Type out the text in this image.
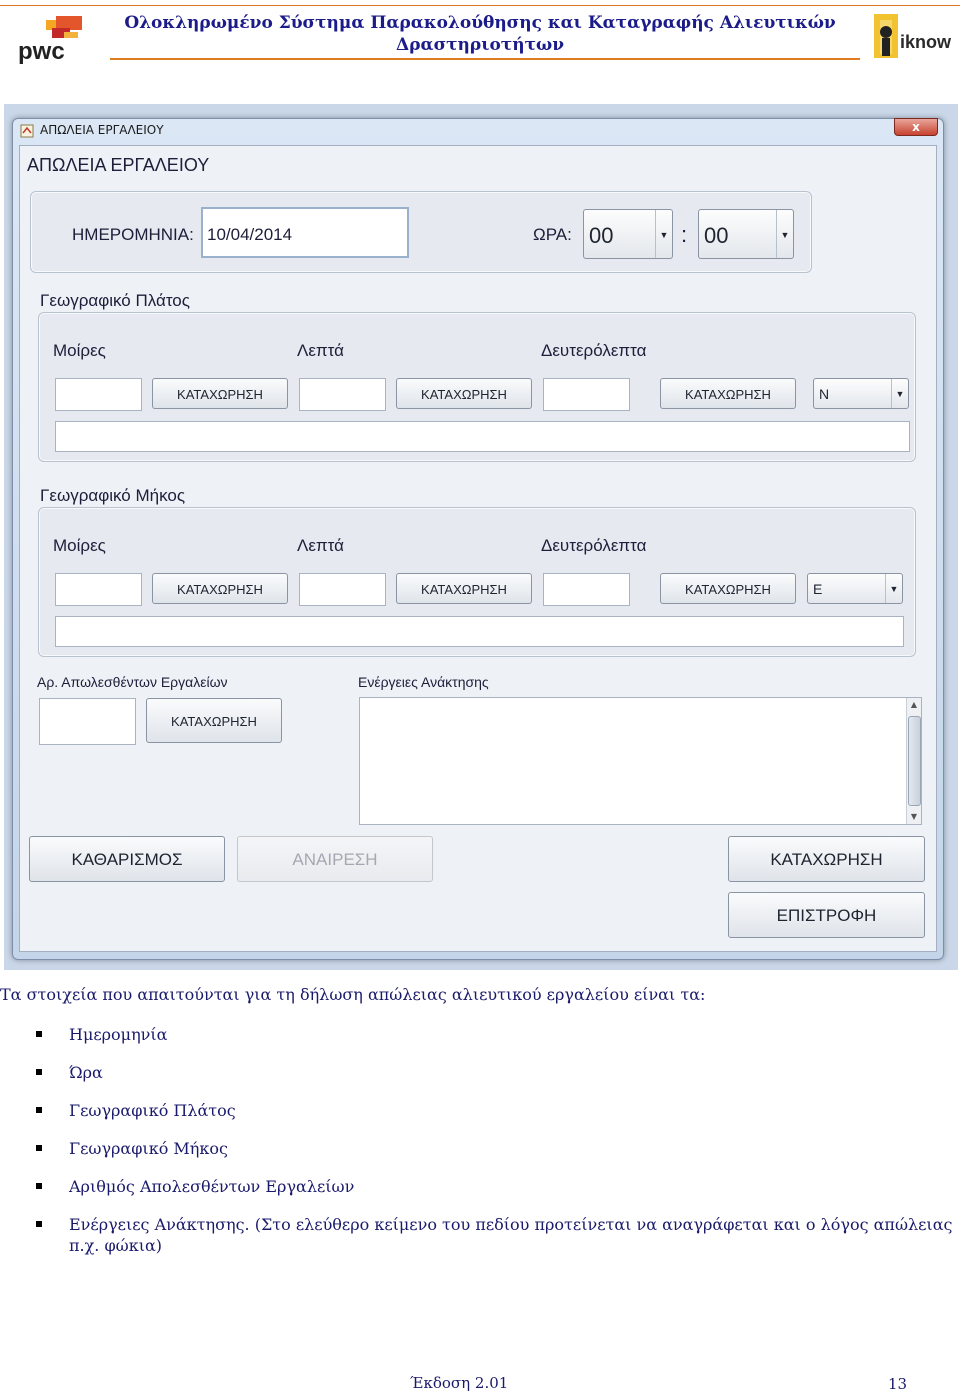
pwc
Ολοκληρωμένο Σύστημα Παρακολούθησης και Καταγραφής Αλιευτικών
Δραστηριοτήτων	iknow
ΑΠΩΛΕΙΑ ΕΡΓΑΛΕΙΟΥ	x
ΑΠΩΛΕΙΑ ΕΡΓΑΛΕΙΟΥ
ΗΜΕΡΟΜΗΝΙΑ: 10/04/2014	ΩΡΑ: 00	▼ : 00	▼
Γεωγραφικό Πλάτος
Μοίρες	Λεπτά	Δευτερόλεπτα
ΚΑΤΑΧΩΡΗΣΗ	ΚΑΤΑΧΩΡΗΣΗ	ΚΑΤΑΧΩΡΗΣΗ	N	▼
Γεωγραφικό Μήκος
Μοίρες	Λεπτά	Δευτερόλεπτα
ΚΑΤΑΧΩΡΗΣΗ	ΚΑΤΑΧΩΡΗΣΗ	ΚΑΤΑΧΩΡΗΣΗ	E	▼
Αρ. Απωλεσθέντων Εργαλείων
ΚΑΤΑΧΩΡΗΣΗ
Ενέργειες Ανάκτησης
▲
▼
ΚΑΘΑΡΙΣΜΟΣ	ΑΝΑΙΡΕΣΗ	ΚΑΤΑΧΩΡΗΣΗ
ΕΠΙΣΤΡΟΦΗ
Τα στοιχεία που απαιτούνται για τη δήλωση απώλειας αλιευτικού εργαλείου είναι τα:
Ημερομηνία
Ώρα
Γεωγραφικό Πλάτος
Γεωγραφικό Μήκος
Αριθμός Απολεσθέντων Εργαλείων
Ενέργειες Ανάκτησης. (Στο ελεύθερο κείμενο του πεδίου προτείνεται να αναγράφεται και ο λόγος απώλειας π.χ. φώκια)
Έκδοση 2.01	13
